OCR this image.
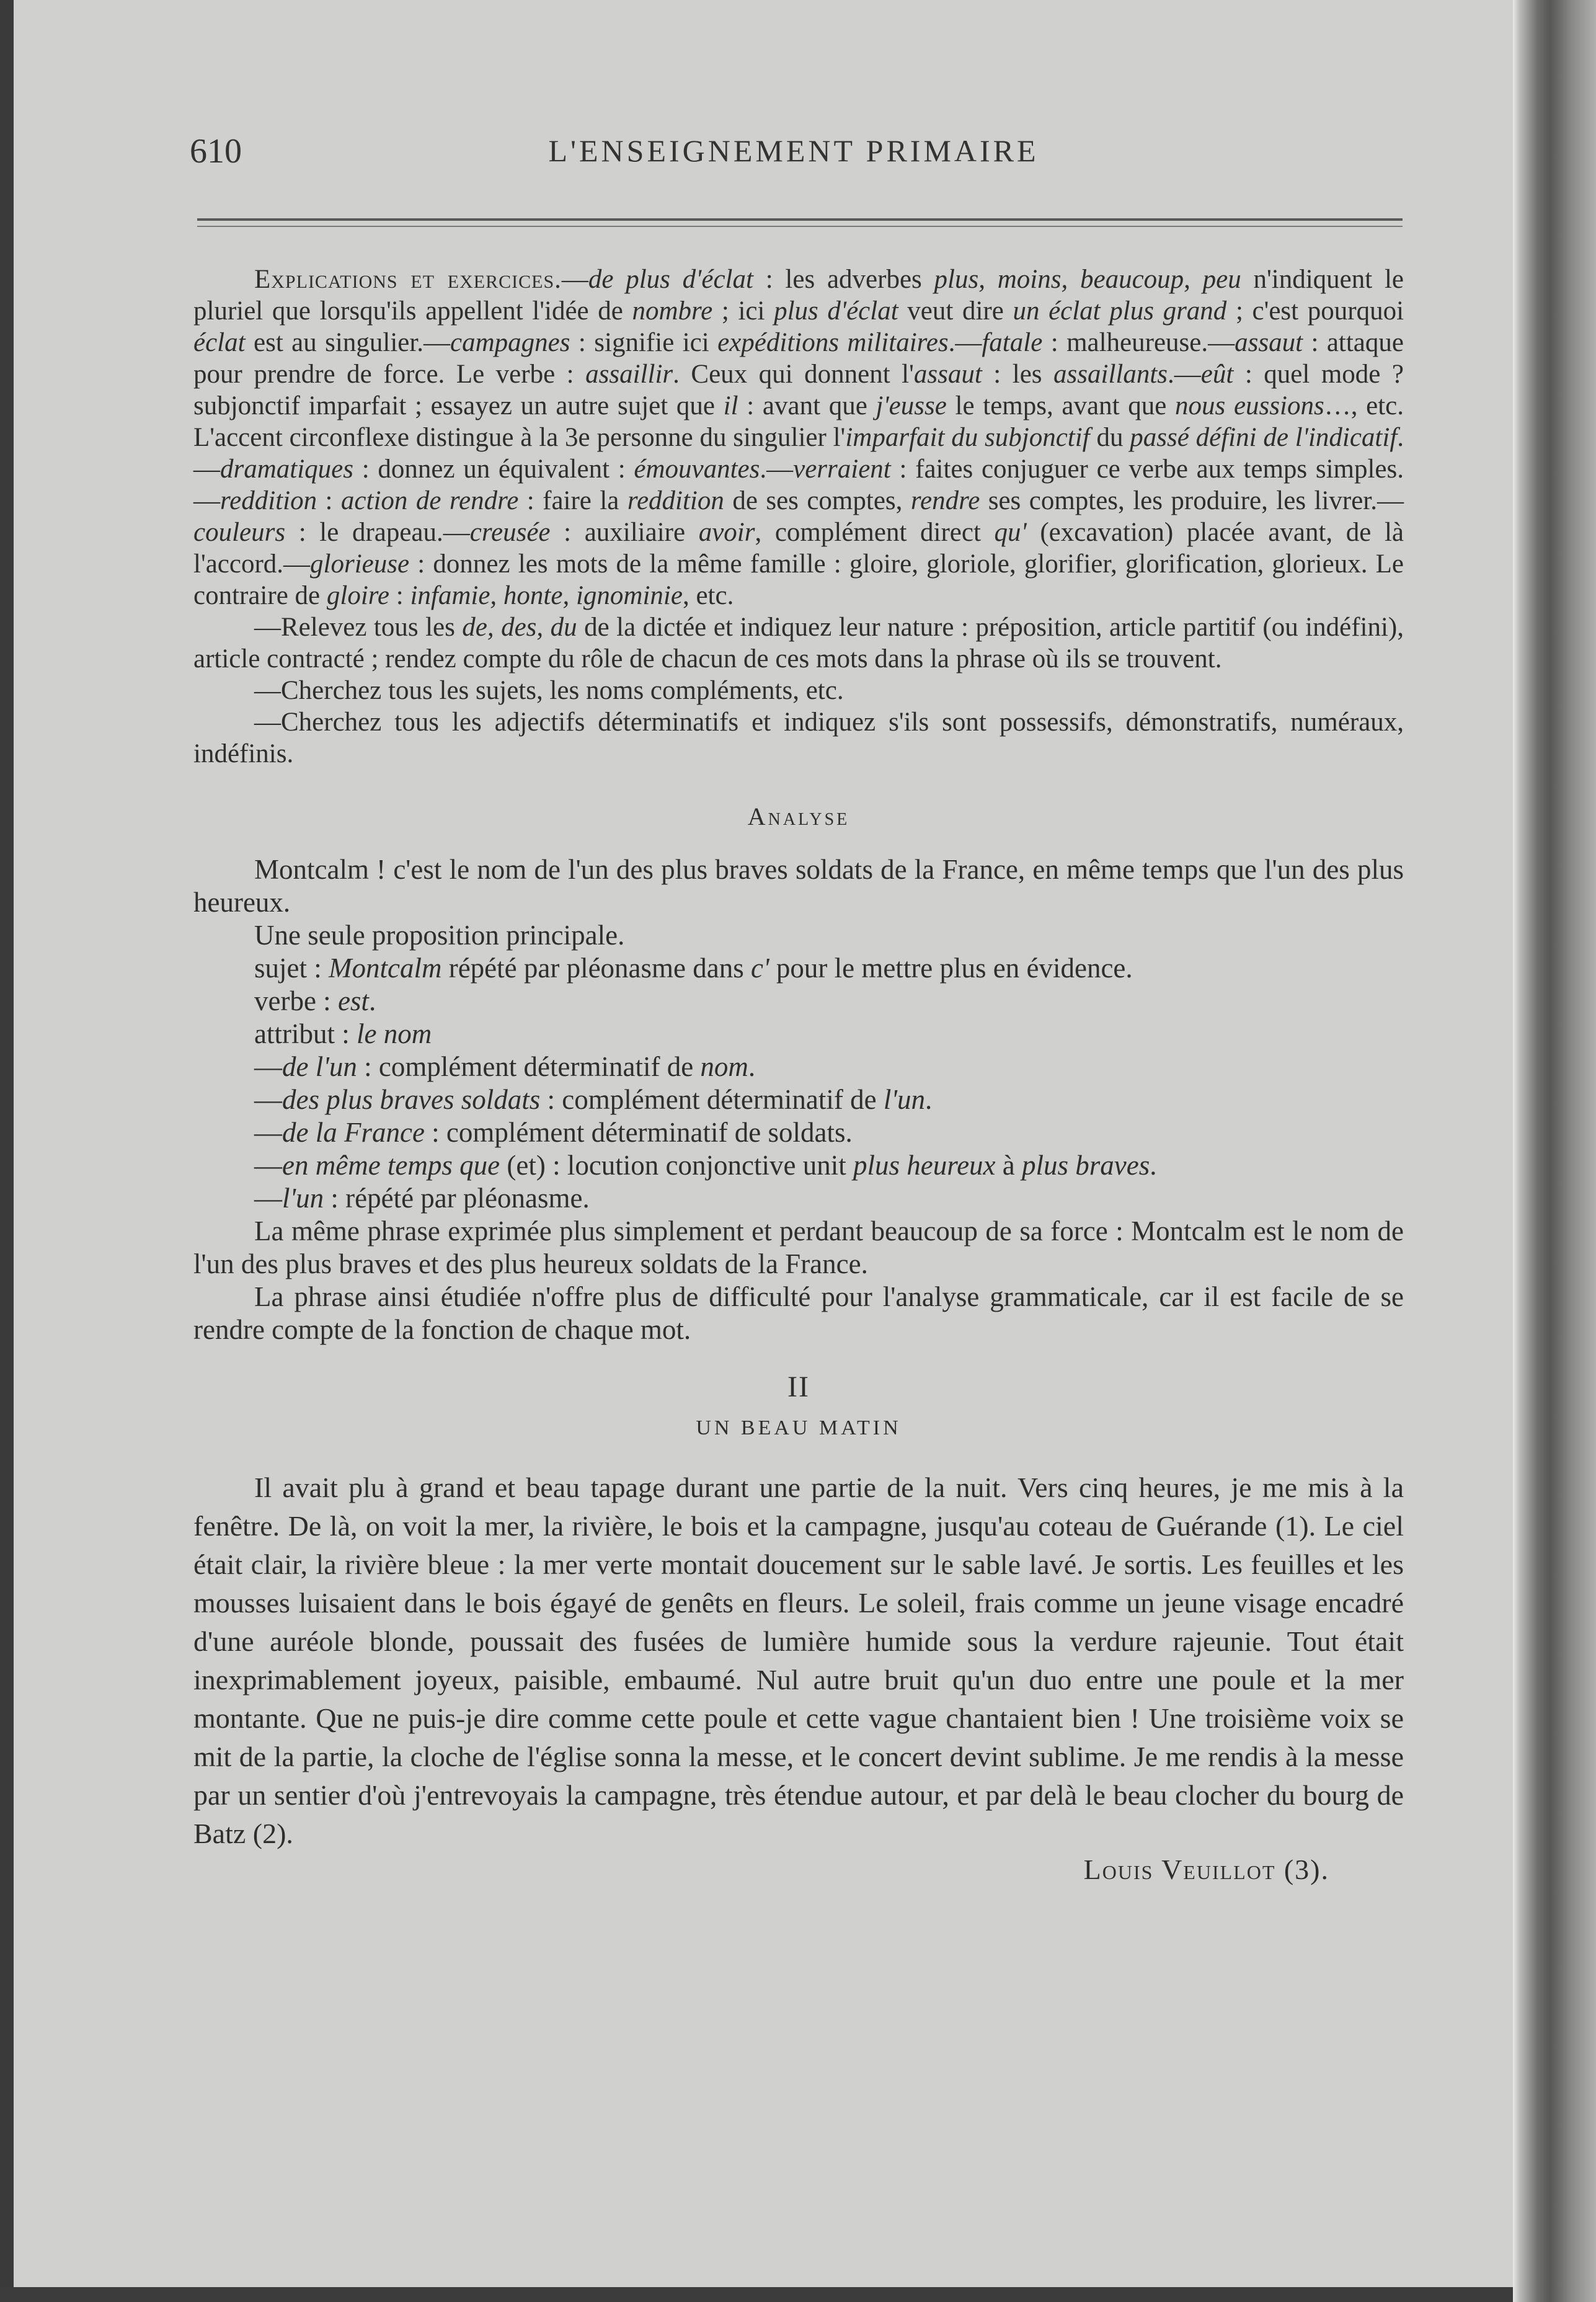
610	L'ENSEIGNEMENT PRIMAIRE

Explications et exercices.—de plus d'éclat : les adverbes plus, moins, beaucoup, peu n'indiquent le pluriel que lorsqu'ils appellent l'idée de nombre ; ici plus d'éclat veut dire un éclat plus grand ; c'est pourquoi éclat est au singulier.—campagnes : signifie ici expéditions militaires.—fatale : malheureuse.—assaut : attaque pour prendre de force. Le verbe : assaillir. Ceux qui donnent l'assaut : les assaillants.—eût : quel mode ? subjonctif imparfait ; essayez un autre sujet que il : avant que j'eusse le temps, avant que nous eussions…, etc. L'accent circonflexe distingue à la 3e personne du singulier l'imparfait du subjonctif du passé défini de l'indicatif.—dramatiques : donnez un équivalent : émouvantes.—verraient : faites conjuguer ce verbe aux temps simples.—reddition : action de rendre : faire la reddition de ses comptes, rendre ses comptes, les produire, les livrer.—couleurs : le drapeau.—creusée : auxiliaire avoir, complément direct qu' (excavation) placée avant, de là l'accord.—glorieuse : donnez les mots de la même famille : gloire, gloriole, glorifier, glorification, glorieux. Le contraire de gloire : infamie, honte, ignominie, etc.

—Relevez tous les de, des, du de la dictée et indiquez leur nature : préposition, article partitif (ou indéfini), article contracté ; rendez compte du rôle de chacun de ces mots dans la phrase où ils se trouvent.

—Cherchez tous les sujets, les noms compléments, etc.

—Cherchez tous les adjectifs déterminatifs et indiquez s'ils sont possessifs, démonstratifs, numéraux, indéfinis.

Analyse

Montcalm ! c'est le nom de l'un des plus braves soldats de la France, en même temps que l'un des plus heureux.

Une seule proposition principale.

sujet : Montcalm répété par pléonasme dans c' pour le mettre plus en évidence.

verbe : est.

attribut : le nom

—de l'un : complément déterminatif de nom.

—des plus braves soldats : complément déterminatif de l'un.

—de la France : complément déterminatif de soldats.

—en même temps que (et) : locution conjonctive unit plus heureux à plus braves.

—l'un : répété par pléonasme.

La même phrase exprimée plus simplement et perdant beaucoup de sa force : Montcalm est le nom de l'un des plus braves et des plus heureux soldats de la France.

La phrase ainsi étudiée n'offre plus de difficulté pour l'analyse grammaticale, car il est facile de se rendre compte de la fonction de chaque mot.

II
UN BEAU MATIN

Il avait plu à grand et beau tapage durant une partie de la nuit. Vers cinq heures, je me mis à la fenêtre. De là, on voit la mer, la rivière, le bois et la campagne, jusqu'au coteau de Guérande (1). Le ciel était clair, la rivière bleue : la mer verte montait doucement sur le sable lavé. Je sortis. Les feuilles et les mousses luisaient dans le bois égayé de genêts en fleurs. Le soleil, frais comme un jeune visage encadré d'une auréole blonde, poussait des fusées de lumière humide sous la verdure rajeunie. Tout était inexprimablement joyeux, paisible, embaumé. Nul autre bruit qu'un duo entre une poule et la mer montante. Que ne puis-je dire comme cette poule et cette vague chantaient bien ! Une troisième voix se mit de la partie, la cloche de l'église sonna la messe, et le concert devint sublime. Je me rendis à la messe par un sentier d'où j'entrevoyais la campagne, très étendue autour, et par delà le beau clocher du bourg de Batz (2).

Louis Veuillot (3).
